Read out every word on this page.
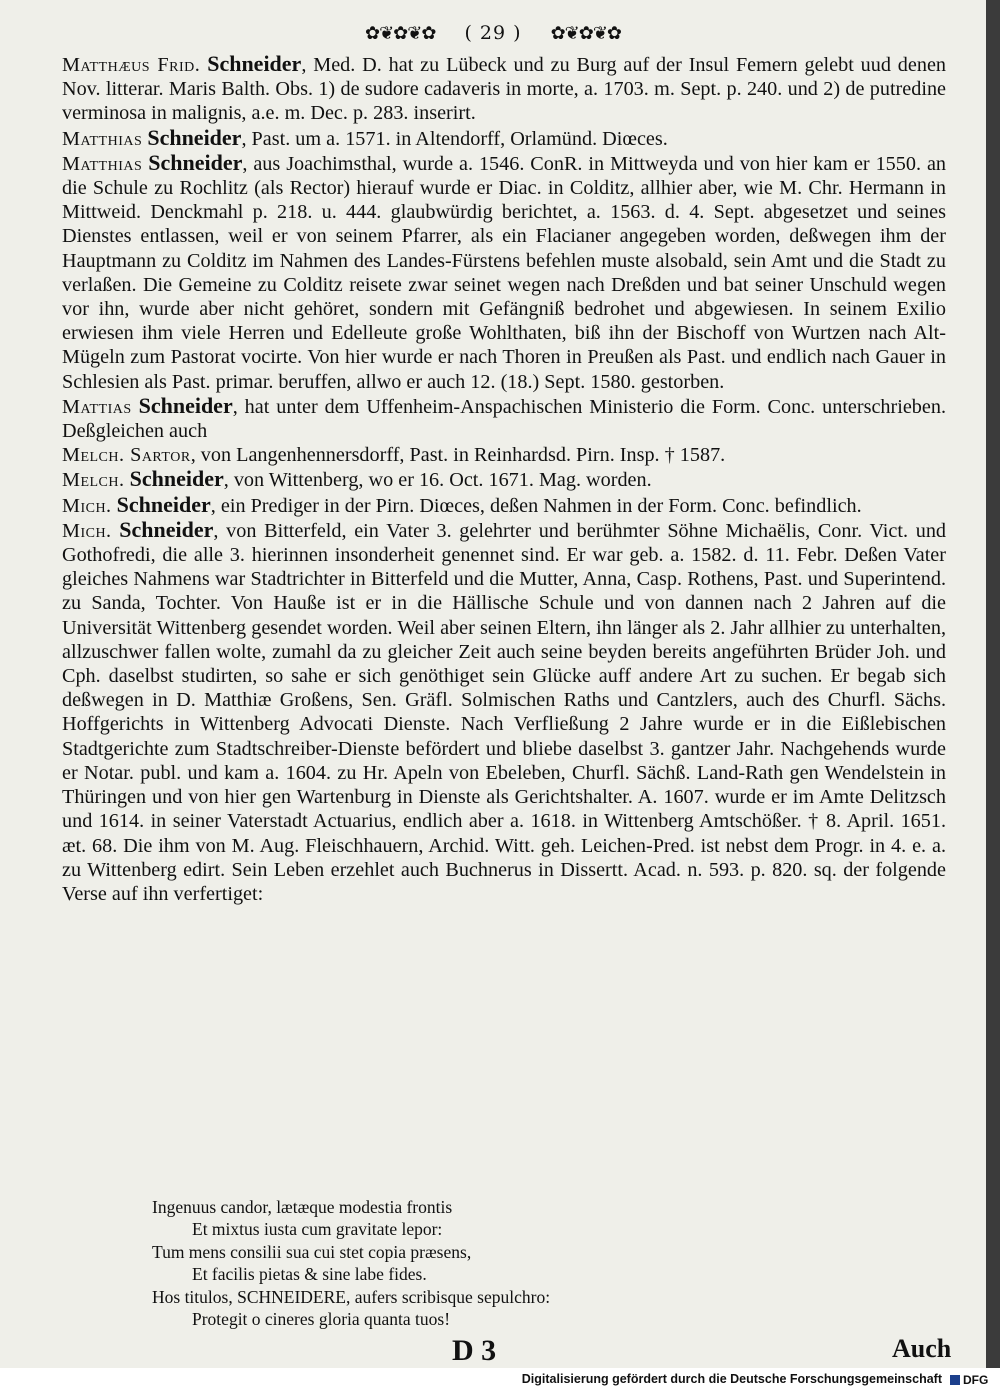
✿❦✿❦✿ ( 29 ) ✿❦✿❦✿

Matthæus Frid. Schneider, Med. D. hat zu Lübeck und zu Burg auf der Insul Femern gelebt uud denen Nov. litterar. Maris Balth. Obs. 1) de sudore cadaveris in morte, a. 1703. m. Sept. p. 240. und 2) de putredine verminosa in malignis, a.e. m. Dec. p. 283. inserirt.

Matthias Schneider, Past. um a. 1571. in Altendorff, Orlamünd. Diœces.

Matthias Schneider, aus Joachimsthal, wurde a. 1546. ConR. in Mittweyda und von hier kam er 1550. an die Schule zu Rochlitz (als Rector) hierauf wurde er Diac. in Colditz, allhier aber, wie M. Chr. Hermann in Mittweid. Denckmahl p. 218. u. 444. glaubwürdig berichtet, a. 1563. d. 4. Sept. abgesetzet und seines Dienstes entlassen, weil er von seinem Pfarrer, als ein Flacianer angegeben worden, deßwegen ihm der Hauptmann zu Colditz im Nahmen des Landes-Fürstens befehlen muste alsobald, sein Amt und die Stadt zu verlaßen. Die Gemeine zu Colditz reisete zwar seinet wegen nach Dreßden und bat seiner Unschuld wegen vor ihn, wurde aber nicht gehöret, sondern mit Gefängniß bedrohet und abgewiesen. In seinem Exilio erwiesen ihm viele Herren und Edelleute große Wohlthaten, biß ihn der Bischoff von Wurtzen nach Alt-Mügeln zum Pastorat vocirte. Von hier wurde er nach Thoren in Preußen als Past. und endlich nach Gauer in Schlesien als Past. primar. beruffen, allwo er auch 12. (18.) Sept. 1580. gestorben.

Mattias Schneider, hat unter dem Uffenheim-Anspachischen Ministerio die Form. Conc. unterschrieben. Deßgleichen auch

Melch. Sartor, von Langenhennersdorff, Past. in Reinhardsd. Pirn. Insp. † 1587.

Melch. Schneider, von Wittenberg, wo er 16. Oct. 1671. Mag. worden.

Mich. Schneider, ein Prediger in der Pirn. Diœces, deßen Nahmen in der Form. Conc. befindlich.

Mich. Schneider, von Bitterfeld, ein Vater 3. gelehrter und berühmter Söhne Michaëlis, Conr. Vict. und Gothofredi, die alle 3. hierinnen insonderheit genennet sind. Er war geb. a. 1582. d. 11. Febr. Deßen Vater gleiches Nahmens war Stadtrichter in Bitterfeld und die Mutter, Anna, Casp. Rothens, Past. und Superintend. zu Sanda, Tochter. Von Hauße ist er in die Hällische Schule und von dannen nach 2 Jahren auf die Universität Wittenberg gesendet worden. Weil aber seinen Eltern, ihn länger als 2. Jahr allhier zu unterhalten, allzuschwer fallen wolte, zumahl da zu gleicher Zeit auch seine beyden bereits angeführten Brüder Joh. und Cph. daselbst studirten, so sahe er sich genöthiget sein Glücke auff andere Art zu suchen. Er begab sich deßwegen in D. Matthiæ Großens, Sen. Gräfl. Solmischen Raths und Cantzlers, auch des Churfl. Sächs. Hoffgerichts in Wittenberg Advocati Dienste. Nach Verfließung 2 Jahre wurde er in die Eißlebischen Stadtgerichte zum Stadtschreiber-Dienste befördert und bliebe daselbst 3. gantzer Jahr. Nachgehends wurde er Notar. publ. und kam a. 1604. zu Hr. Apeln von Ebeleben, Churfl. Sächß. Land-Rath gen Wendelstein in Thüringen und von hier gen Wartenburg in Dienste als Gerichtshalter. A. 1607. wurde er im Amte Delitzsch und 1614. in seiner Vaterstadt Actuarius, endlich aber a. 1618. in Wittenberg Amtschößer. † 8. April. 1651. æt. 68. Die ihm von M. Aug. Fleischhauern, Archid. Witt. geh. Leichen-Pred. ist nebst dem Progr. in 4. e. a. zu Wittenberg edirt. Sein Leben erzehlet auch Buchnerus in Dissertt. Acad. n. 593. p. 820. sq. der folgende Verse auf ihn verfertiget:

Ingenuus candor, lætæque modestia frontis
Et mixtus iusta cum gravitate lepor:
Tum mens consilii sua cui stet copia præsens,
Et facilis pietas & sine labe fides.
Hos titulos, SCHNEIDERE, aufers scribisque sepulchro:
Protegit o cineres gloria quanta tuos!
D 3	Auch
Digitalisierung gefördert durch die Deutsche Forschungsgemeinschaft DFG
